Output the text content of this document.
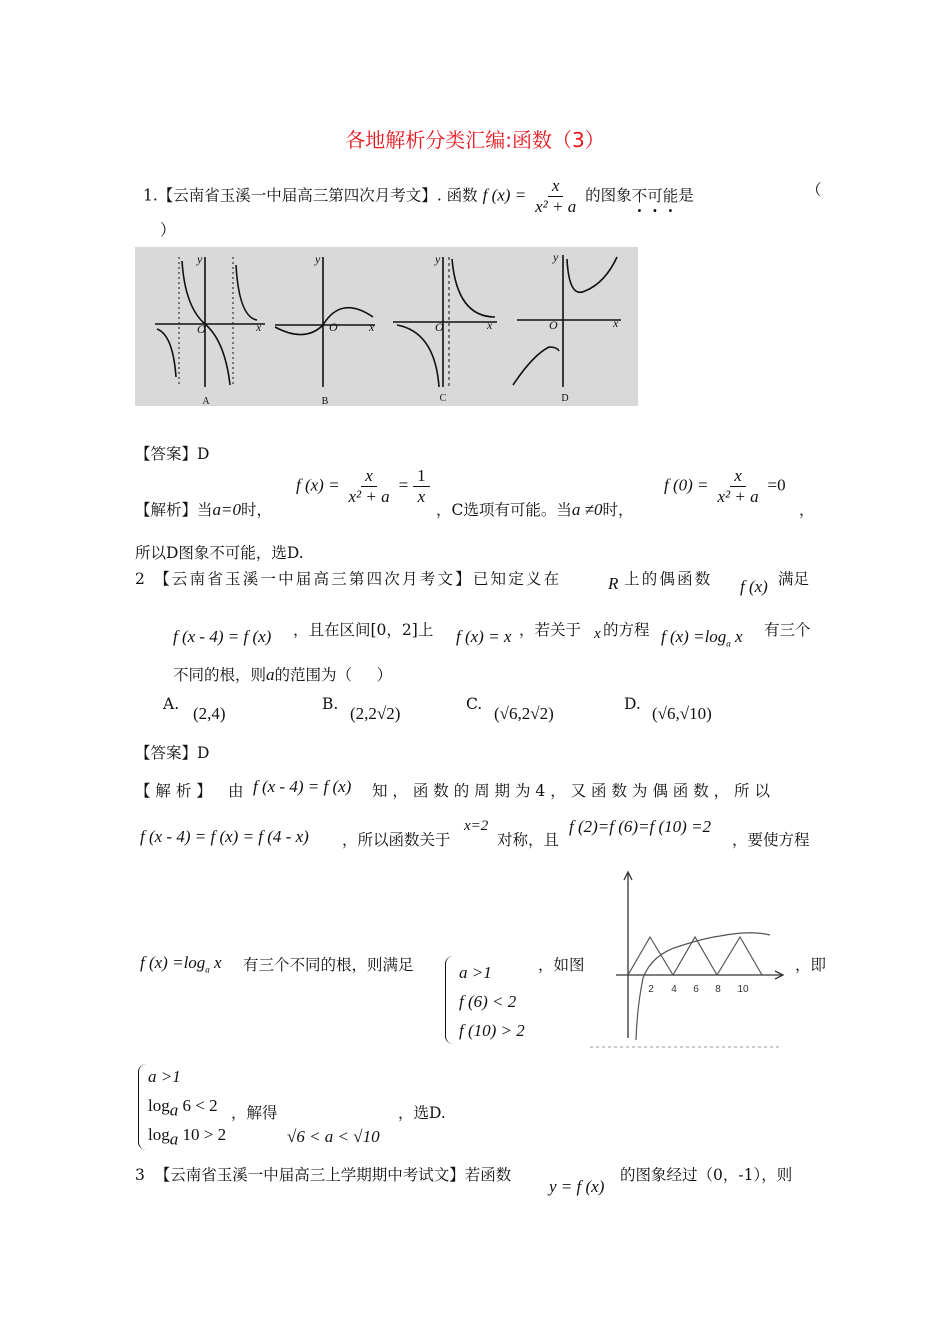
各地解析分类汇编:函数（3）
1.【云南省玉溪一中届高三第四次月考文】. 函数 f $(x) = \frac{x}{\text{x² + a}}$ 的图象不可能是	（
）
y
O	x
y
O	x
y
O	x
y
O	x
A	B	C	D
【答案】D
【解析】当a=0时，
f $(x) = \frac{x}{\text{x² + a}} = \frac{1}{x}$
，C选项有可能。当a ≠0时，
f $(0) = \frac{x}{\text{x² + a}} =0$
，
所以D图象不可能，选D.
2 【云南省玉溪一中届高三第四次月考文】已知定义在	R 上的偶函数 f (x) 满足
f (x - 4) = f (x) ，且在区间[0，2]上 f (x) = x ，若关于 x 的方程 f $(x) =\log_a$ x 有三个
不同的根，则a的范围为（ ）
A. (2,4)	B. (2,2√2)	C. (√6,2√2)	D. (√6,√10)
【答案】D
【 解 析 】 由 f (x - 4) = f (x) 知 ， 函 数 的 周 期 为 4 ， 又 函 数 为 偶 函 数 ， 所 以
f (x - 4) = f (x) = f (4 - x) ，所以函数关于
x=2
对称，且
f (2)=f (6)=f (10) =2
，要使方程
f $(x) =\log_a$ x 有三个不同的根，则满足	a >1
f (6) < 2
f (10) > 2
，如图
2 4 6 8 10
，即
a >1
$\log_a 6 < 2$
$\log_a 10 > 2$
，解得
√6 < a < √10
，选D.
3 【云南省玉溪一中届高三上学期期中考试文】若函数
y = f (x)
的图象经过（0，-1），则
